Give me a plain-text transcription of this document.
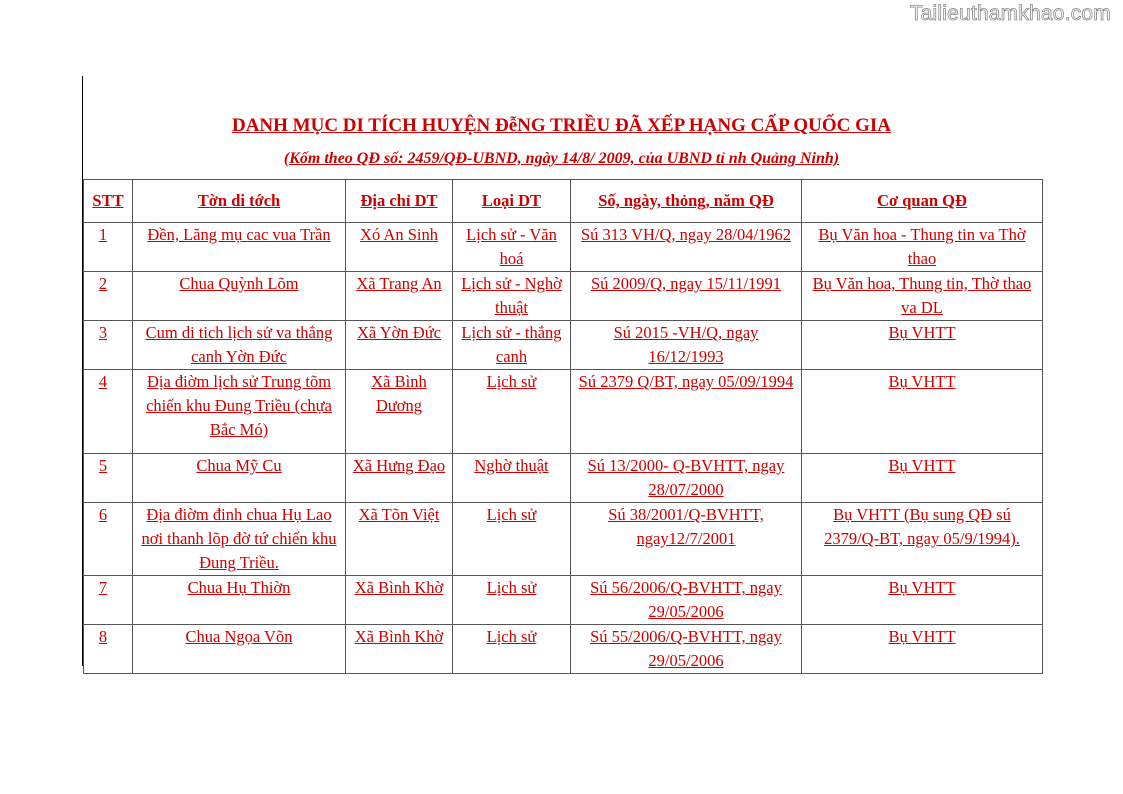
Tailieuthamkhao.com
DANH MỤC DI TÍCH HUYỆN ĐễNG TRIỀU ĐÃ XẾP HẠNG CẤP QUỐC GIA
(Kốm theo QĐ số: 2459/QĐ-UBND, ngày 14/8/ 2009, của UBND tỉ nh Quảng Ninh)
STT	Tờn di tớch	Địa chỉ DT	Loại DT	Số, ngày, thỏng, năm QĐ	Cơ quan QĐ
1	Đền, Lăng mụ cac vua Trần	Xó An Sinh	Lịch sử - Văn hoá	Sú 313 VH/Q, ngay 28/04/1962	Bụ Văn hoa - Thung tin va Thờ thao
2	Chua Quỳnh Lõm	Xã Trang An	Lịch sử - Nghờ thuật	Sú 2009/Q, ngay 15/11/1991	Bụ Văn hoa, Thung tin, Thờ thao va DL
3	Cum di tich lịch sử va thắng canh Yờn Đức	Xã Yờn Đức	Lịch sử - thắng canh	Sú 2015 -VH/Q, ngay 16/12/1993	Bụ VHTT
4	Địa điờm lịch sử Trung tõm chiến khu Đung Triều (chựa Bắc Mó)	Xã Bình Dương	Lịch sử	Sú 2379 Q/BT, ngay 05/09/1994	Bụ VHTT
5	Chua Mỹ Cu	Xã Hưng Đạo	Nghờ thuật	Sú 13/2000- Q-BVHTT, ngay 28/07/2000	Bụ VHTT
6	Địa điờm đinh chua Hụ Lao nơi thanh lõp đờ tứ chiến khu Đung Triều.	Xã Tõn Việt	Lịch sử	Sú 38/2001/Q-BVHTT, ngay12/7/2001	Bụ VHTT (Bụ sung QĐ sú 2379/Q-BT, ngay 05/9/1994).
7	Chua Hụ Thiờn	Xã Bình Khờ	Lịch sử	Sú 56/2006/Q-BVHTT, ngay 29/05/2006	Bụ VHTT
8	Chua Ngọa Võn	Xã Bình Khờ	Lịch sử	Sú 55/2006/Q-BVHTT, ngay 29/05/2006	Bụ VHTT
